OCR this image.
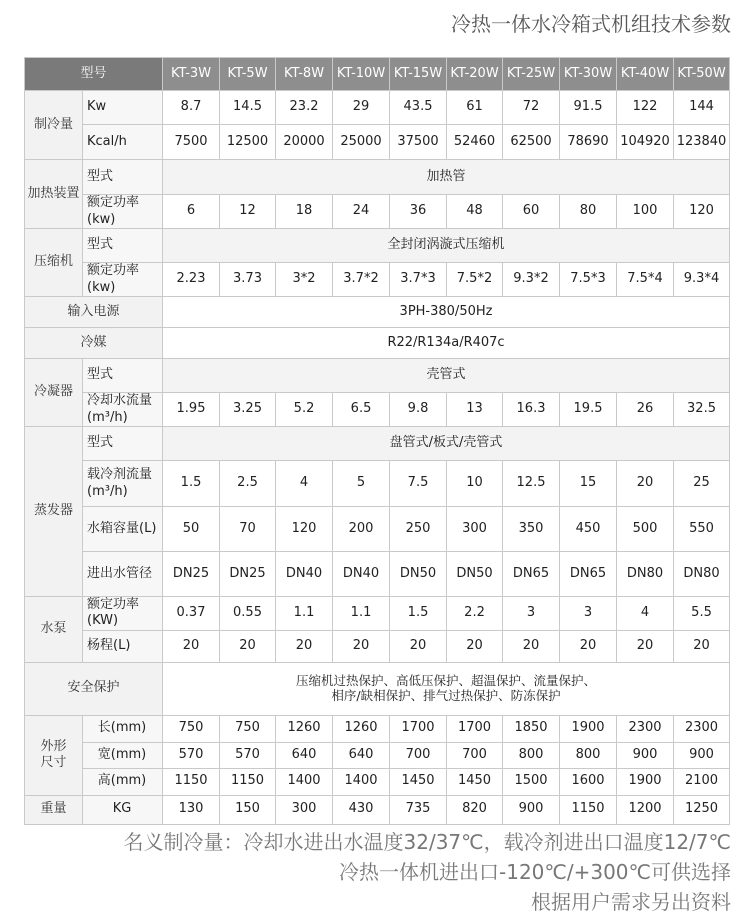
冷热一体水冷箱式机组技术参数
型号		KT-3W	KT-5W	KT-8W	KT-10W	KT-15W	KT-20W	KT-25W	KT-30W	KT-40W	KT-50W
制冷量	Kw	8.7	14.5	23.2	29	43.5	61	72	91.5	122	144
	Kcal/h	7500	12500	20000	25000	37500	52460	62500	78690	104920	123840
加热装置	型式	加热管									
	额定功率(kw)	6	12	18	24	36	48	60	80	100	120
压缩机	型式	全封闭涡漩式压缩机									
	额定功率(kw)	2.23	3.73	3*2	3.7*2	3.7*3	7.5*2	9.3*2	7.5*3	7.5*4	9.3*4
输入电源		3PH-380/50Hz									
冷媒		R22/R134a/R407c									
冷凝器	型式	壳管式									
	冷却水流量(m³/h)	1.95	3.25	5.2	6.5	9.8	13	16.3	19.5	26	32.5
蒸发器	型式	盘管式/板式/壳管式									
	载冷剂流量(m³/h)	1.5	2.5	4	5	7.5	10	12.5	15	20	25
	水箱容量(L)	50	70	120	200	250	300	350	450	500	550
	进出水管径	DN25	DN25	DN40	DN40	DN50	DN50	DN65	DN65	DN80	DN80
水泵	额定功率(KW)	0.37	0.55	1.1	1.1	1.5	2.2	3	3	4	5.5
	杨程(L)	20	20	20	20	20	20	20	20	20	20
安全保护		压缩机过热保护、高低压保护、超温保护、流量保护、
相序/缺相保护、排气过热保护、防冻保护									

外形尺寸	长(mm)	750	750	1260	1260	1700	1700	1850	1900	2300	2300
	宽(mm)	570	570	640	640	700	700	800	800	900	900
	高(mm)	1150	1150	1400	1400	1450	1450	1500	1600	1900	2100
重量	KG	130	150	300	430	735	820	900	1150	1200	1250
名义制冷量：冷却水进出水温度32/37℃，载冷剂进出口温度12/7℃
冷热一体机进出口-120℃/+300℃可供选择
根据用户需求另出资料
